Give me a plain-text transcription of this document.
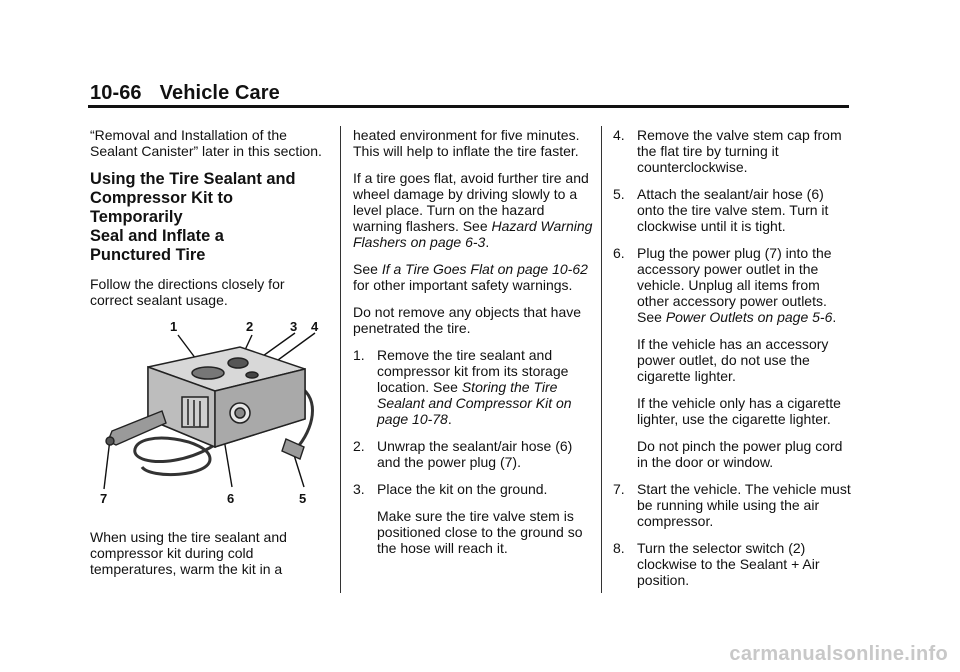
10-66 Vehicle Care

“Removal and Installation of the Sealant Canister” later in this section.

Using the Tire Sealant and
Compressor Kit to Temporarily
Seal and Inflate a
Punctured Tire

Follow the directions closely for correct sealant usage.

1	2	3 4
7	6	5

When using the tire sealant and compressor kit during cold temperatures, warm the kit in a

heated environment for five minutes. This will help to inflate the tire faster.

If a tire goes flat, avoid further tire and wheel damage by driving slowly to a level place. Turn on the hazard warning flashers. See Hazard Warning Flashers on page 6-3.

See If a Tire Goes Flat on page 10-62 for other important safety warnings.

Do not remove any objects that have penetrated the tire.

1. Remove the tire sealant and compressor kit from its storage location. See Storing the Tire Sealant and Compressor Kit on page 10-78.
2. Unwrap the sealant/air hose (6) and the power plug (7).
3. Place the kit on the ground.

Make sure the tire valve stem is positioned close to the ground so the hose will reach it.

4. Remove the valve stem cap from the flat tire by turning it counterclockwise.
5. Attach the sealant/air hose (6) onto the tire valve stem. Turn it clockwise until it is tight.
6. Plug the power plug (7) into the accessory power outlet in the vehicle. Unplug all items from other accessory power outlets. See Power Outlets on page 5-6.

If the vehicle has an accessory power outlet, do not use the cigarette lighter.

If the vehicle only has a cigarette lighter, use the cigarette lighter.

Do not pinch the power plug cord in the door or window.

7. Start the vehicle. The vehicle must be running while using the air compressor.
8. Turn the selector switch (2) clockwise to the Sealant + Air position.
carmanualsonline.info
